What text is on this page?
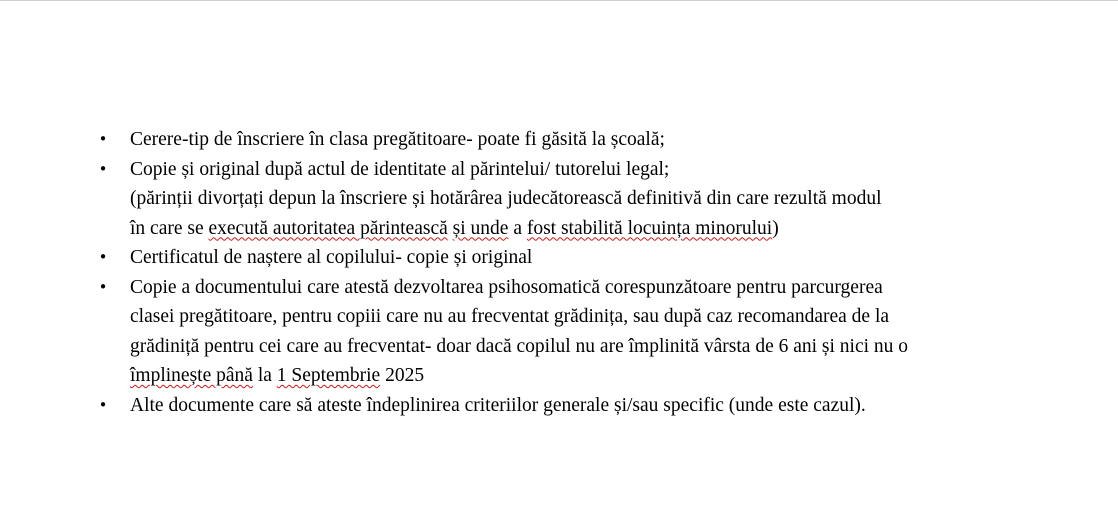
• Cerere-tip de înscriere în clasa pregătitoare- poate fi găsită la școală;
• Copie și original după actul de identitate al părintelui/ tutorelui legal;
(părinții divorțați depun la înscriere și hotărârea judecătorească definitivă din care rezultă modul
în care se execută autoritatea părintească și unde a fost stabilită locuința minorului)
• Certificatul de naștere al copilului- copie și original
• Copie a documentului care atestă dezvoltarea psihosomatică corespunzătoare pentru parcurgerea
clasei pregătitoare, pentru copiii care nu au frecventat grădinița, sau după caz recomandarea de la
grădiniță pentru cei care au frecventat- doar dacă copilul nu are împlinită vârsta de 6 ani și nici nu o
împlinește până la 1 Septembrie 2025
• Alte documente care să ateste îndeplinirea criteriilor generale și/sau specific (unde este cazul).
